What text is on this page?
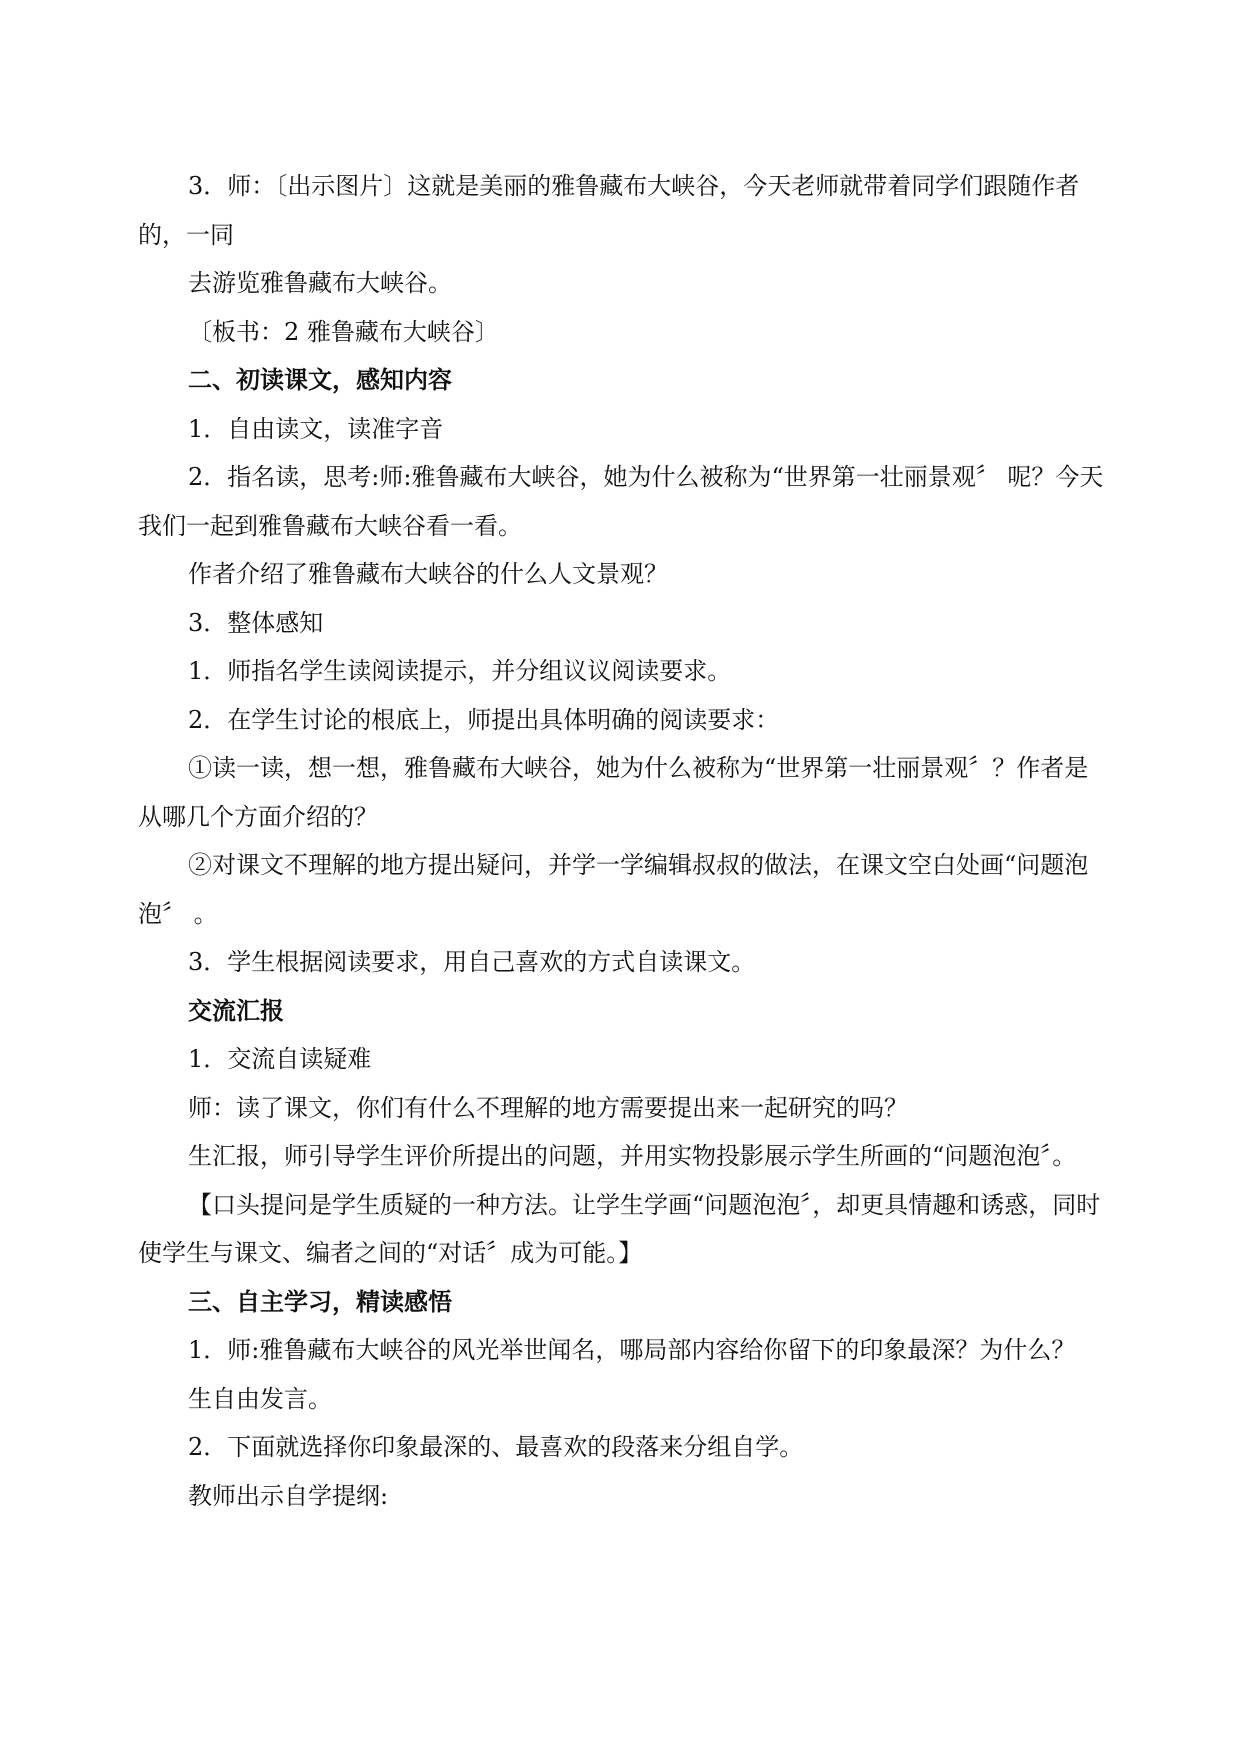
3．师：〔出示图片〕这就是美丽的雅鲁藏布大峡谷，今天老师就带着同学们跟随作者的，一同

去游览雅鲁藏布大峡谷。

〔板书：2 雅鲁藏布大峡谷〕

二、初读课文，感知内容

1．自由读文，读准字音

2．指名读，思考:师:雅鲁藏布大峡谷，她为什么被称为“世界第一壮丽景观〞 呢？今天我们一起到雅鲁藏布大峡谷看一看。

作者介绍了雅鲁藏布大峡谷的什么人文景观？

3．整体感知

1．师指名学生读阅读提示，并分组议议阅读要求。

2．在学生讨论的根底上，师提出具体明确的阅读要求：

①读一读，想一想，雅鲁藏布大峡谷，她为什么被称为“世界第一壮丽景观〞？作者是从哪几个方面介绍的？

②对课文不理解的地方提出疑问，并学一学编辑叔叔的做法，在课文空白处画“问题泡泡〞 。

3．学生根据阅读要求，用自己喜欢的方式自读课文。

交流汇报

1．交流自读疑难

师：读了课文，你们有什么不理解的地方需要提出来一起研究的吗？

生汇报，师引导学生评价所提出的问题，并用实物投影展示学生所画的“问题泡泡〞。

【口头提问是学生质疑的一种方法。让学生学画“问题泡泡〞，却更具情趣和诱惑，同时使学生与课文、编者之间的“对话〞成为可能。】

三、自主学习，精读感悟

1．师:雅鲁藏布大峡谷的风光举世闻名，哪局部内容给你留下的印象最深？为什么？

生自由发言。

2．下面就选择你印象最深的、最喜欢的段落来分组自学。

教师出示自学提纲:
